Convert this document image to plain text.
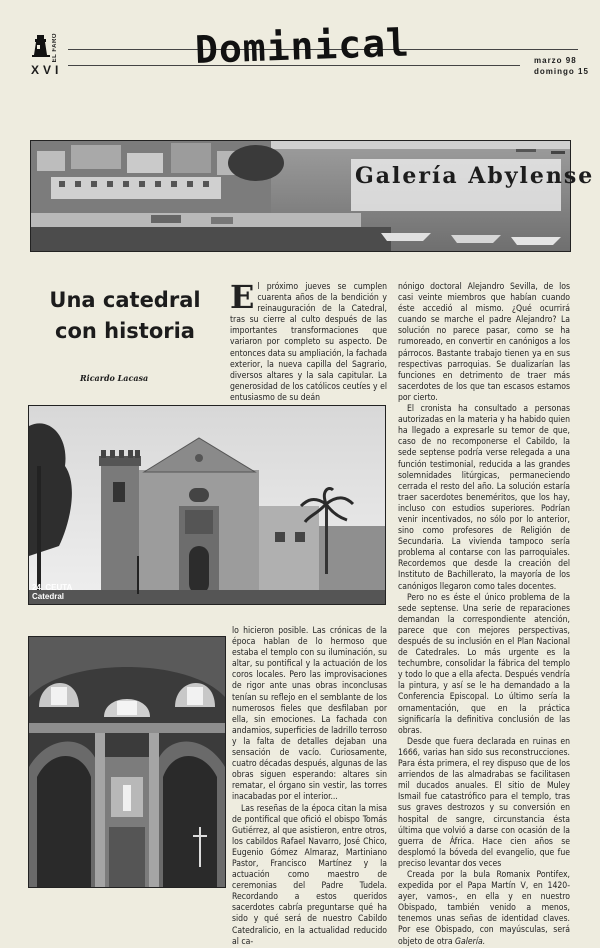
EL FARO
XVI	Dominical	marzo 98
domingo 15
Galería Abylense
Una catedral
con historia
Ricardo Lacasa

El próximo jueves se cumplen cuarenta años de la bendición y reinauguración de la Catedral, tras su cierre al culto después de las importantes transformaciones que variaron por completo su aspecto. De entonces data su ampliación, la fachada exterior, la nueva capilla del Sagrario, diversos altares y la sala capitular. La generosidad de los católicos ceutíes y el entusiasmo de su deán

nónigo doctoral Alejandro Sevilla, de los casi veinte miembros que habían cuando éste accedió al mismo. ¿Qué ocurrirá cuando se marche el padre Alejandro? La solución no parece pasar, como se ha rumoreado, en convertir en canónigos a los párrocos. Bastante trabajo tienen ya en sus respectivas parroquias. Se dualizarían las funciones en detrimento de traer más sacerdotes de los que tan escasos estamos por cierto.

El cronista ha consultado a personas autorizadas en la materia y ha habido quien ha llegado a expresarle su temor de que, caso de no recomponerse el Cabildo, la sede septense podría verse relegada a una función testimonial, reducida a las grandes solemnidades litúrgicas, permaneciendo cerrada el resto del año. La solución estaría traer sacerdotes beneméritos, que los hay, incluso con estudios superiores. Podrían venir incentivados, no sólo por lo anterior, sino como profesores de Religión de Secundaria. La vivienda tampoco sería problema al contarse con las parroquiales. Recordemos que desde la creación del Instituto de Bachillerato, la mayoría de los canónigos llegaron como tales docentes.

Pero no es éste el único problema de la sede septense. Una serie de reparaciones demandan la correspondiente atención, parece que con mejores perspectivas, después de su inclusión en el Plan Nacional de Catedrales. Lo más urgente es la techumbre, consolidar la fábrica del templo y todo lo que a ella afecta. Después vendría la pintura, y así se le ha demandado a la Conferencia Episcopal. Lo último sería la ornamentación, que en la práctica significaría la definitiva conclusión de las obras.

Desde que fuera declarada en ruinas en 1666, varias han sido sus reconstrucciones. Para ésta primera, el rey dispuso que de los arriendos de las almadrabas se facilitasen mil ducados anuales. El sitio de Muley Ismail fue catastrófico para el templo, tras sus graves destrozos y su conversión en hospital de sangre, circunstancia ésta última que volvió a darse con ocasión de la guerra de África. Hace cien años se desplomó la bóveda del evangelio, que fue preciso levantar dos veces

Creada por la bula Romanix Pontifex, expedida por el Papa Martín V, en 1420- ayer, vamos-, en ella y en nuestro Obispado, también venido a menos, tenemos unas señas de identidad claves. Por ese Obispado, con mayúsculas, será objeto de otra Galería.

24. CEUTA
Catedral

lo hicieron posible. Las crónicas de la época hablan de lo hermoso que estaba el templo con su iluminación, su altar, su pontifical y la actuación de los coros locales. Pero las improvisaciones de rigor ante unas obras inconclusas tenían su reflejo en el semblante de los numerosos fieles que desfilaban por ella, sin emociones. La fachada con andamios, superficies de ladrillo terroso y la falta de detalles dejaban una sensación de vacío. Curiosamente, cuatro décadas después, algunas de las obras siguen esperando: altares sin rematar, el órgano sin vestir, las torres inacabadas por el interior...

Las reseñas de la época citan la misa de pontifical que ofició el obispo Tomás Gutiérrez, al que asistieron, entre otros, los cabildos Rafael Navarro, José Chico, Eugenio Gómez Almaraz, Martiniano Pastor, Francisco Martínez y la actuación como maestro de ceremonias del Padre Tudela. Recordando a estos queridos sacerdotes cabría preguntarse qué ha sido y qué será de nuestro Cabildo Catedralicio, en la actualidad reducido al ca-
